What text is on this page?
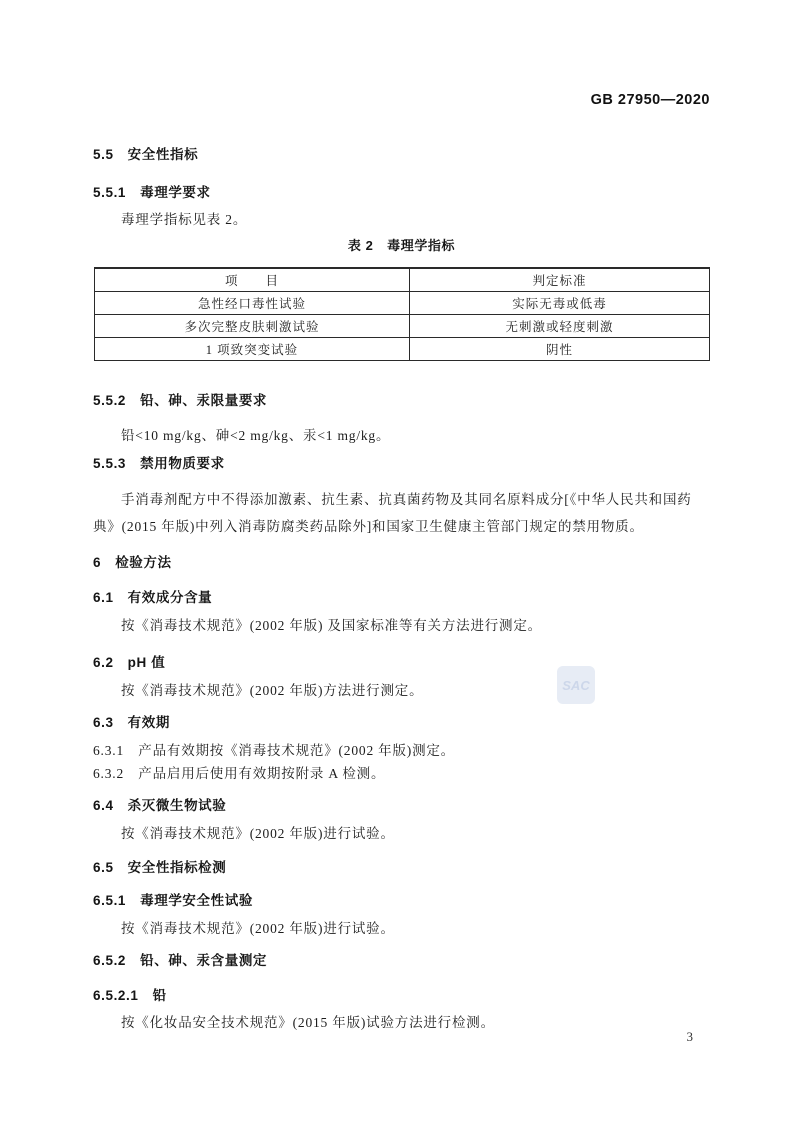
GB 27950—2020
5.5　安全性指标
5.5.1　毒理学要求
毒理学指标见表 2。
表 2　毒理学指标
项　　目	判定标准
急性经口毒性试验	实际无毒或低毒
多次完整皮肤刺激试验	无刺激或轻度刺激
1 项致突变试验	阴性
5.5.2　铅、砷、汞限量要求
铅<10 mg/kg、砷<2 mg/kg、汞<1 mg/kg。
5.5.3　禁用物质要求
手消毒剂配方中不得添加激素、抗生素、抗真菌药物及其同名原料成分[《中华人民共和国药典》(2015 年版)中列入消毒防腐类药品除外]和国家卫生健康主管部门规定的禁用物质。
6　检验方法
6.1　有效成分含量
按《消毒技术规范》(2002 年版) 及国家标准等有关方法进行测定。
6.2　pH 值
按《消毒技术规范》(2002 年版)方法进行测定。
6.3　有效期
6.3.1　产品有效期按《消毒技术规范》(2002 年版)测定。
6.3.2　产品启用后使用有效期按附录 A 检测。
6.4　杀灭微生物试验
按《消毒技术规范》(2002 年版)进行试验。
6.5　安全性指标检测
6.5.1　毒理学安全性试验
按《消毒技术规范》(2002 年版)进行试验。
6.5.2　铅、砷、汞含量测定
6.5.2.1　铅
按《化妆品安全技术规范》(2015 年版)试验方法进行检测。
SAC
3
